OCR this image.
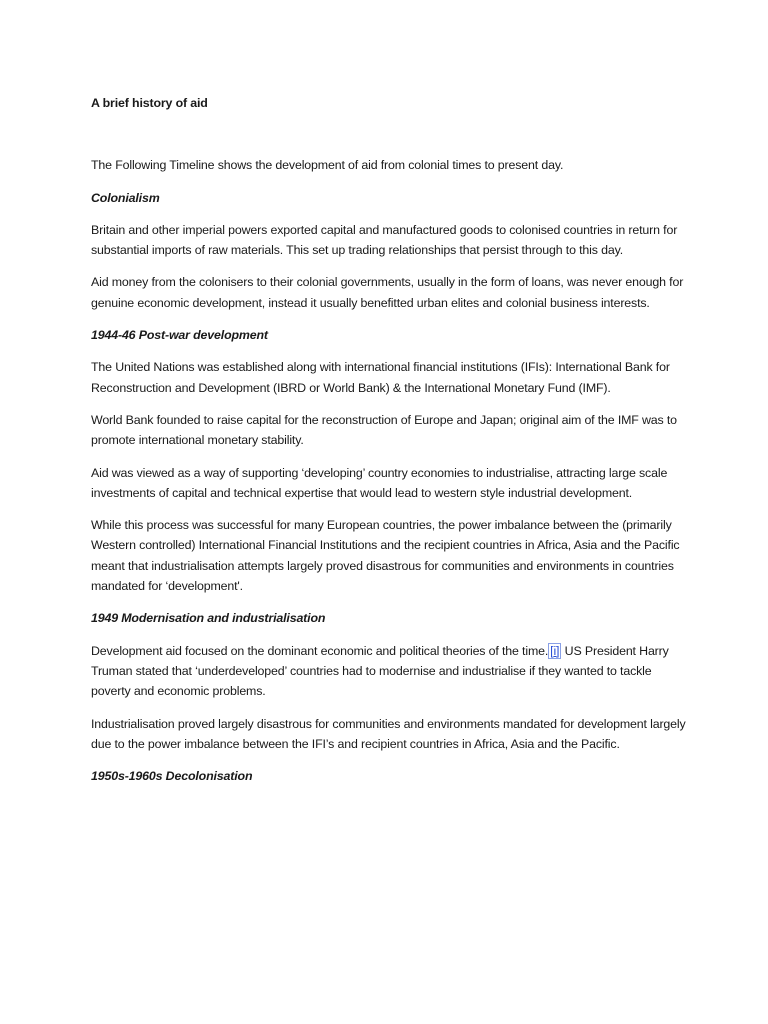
A brief history of aid

The Following Timeline shows the development of aid from colonial times to present day.

Colonialism

Britain and other imperial powers exported capital and manufactured goods to colonised countries in return for substantial imports of raw materials. This set up trading relationships that persist through to this day.

Aid money from the colonisers to their colonial governments, usually in the form of loans, was never enough for genuine economic development, instead it usually benefitted urban elites and colonial business interests.

1944-46 Post-war development

The United Nations was established along with international financial institutions (IFIs): International Bank for Reconstruction and Development (IBRD or World Bank) & the International Monetary Fund (IMF).

World Bank founded to raise capital for the reconstruction of Europe and Japan; original aim of the IMF was to promote international monetary stability.

Aid was viewed as a way of supporting ‘developing’ country economies to industrialise, attracting large scale investments of capital and technical expertise that would lead to western style industrial development.

While this process was successful for many European countries, the power imbalance between the (primarily Western controlled) International Financial Institutions and the recipient countries in Africa, Asia and the Pacific meant that industrialisation attempts largely proved disastrous for communities and environments in countries mandated for ‘development'.

1949 Modernisation and industrialisation

Development aid focused on the dominant economic and political theories of the time. [i] US President Harry Truman stated that ‘underdeveloped’ countries had to modernise and industrialise if they wanted to tackle poverty and economic problems.

Industrialisation proved largely disastrous for communities and environments mandated for development largely due to the power imbalance between the IFI’s and recipient countries in Africa, Asia and the Pacific.

1950s-1960s Decolonisation
